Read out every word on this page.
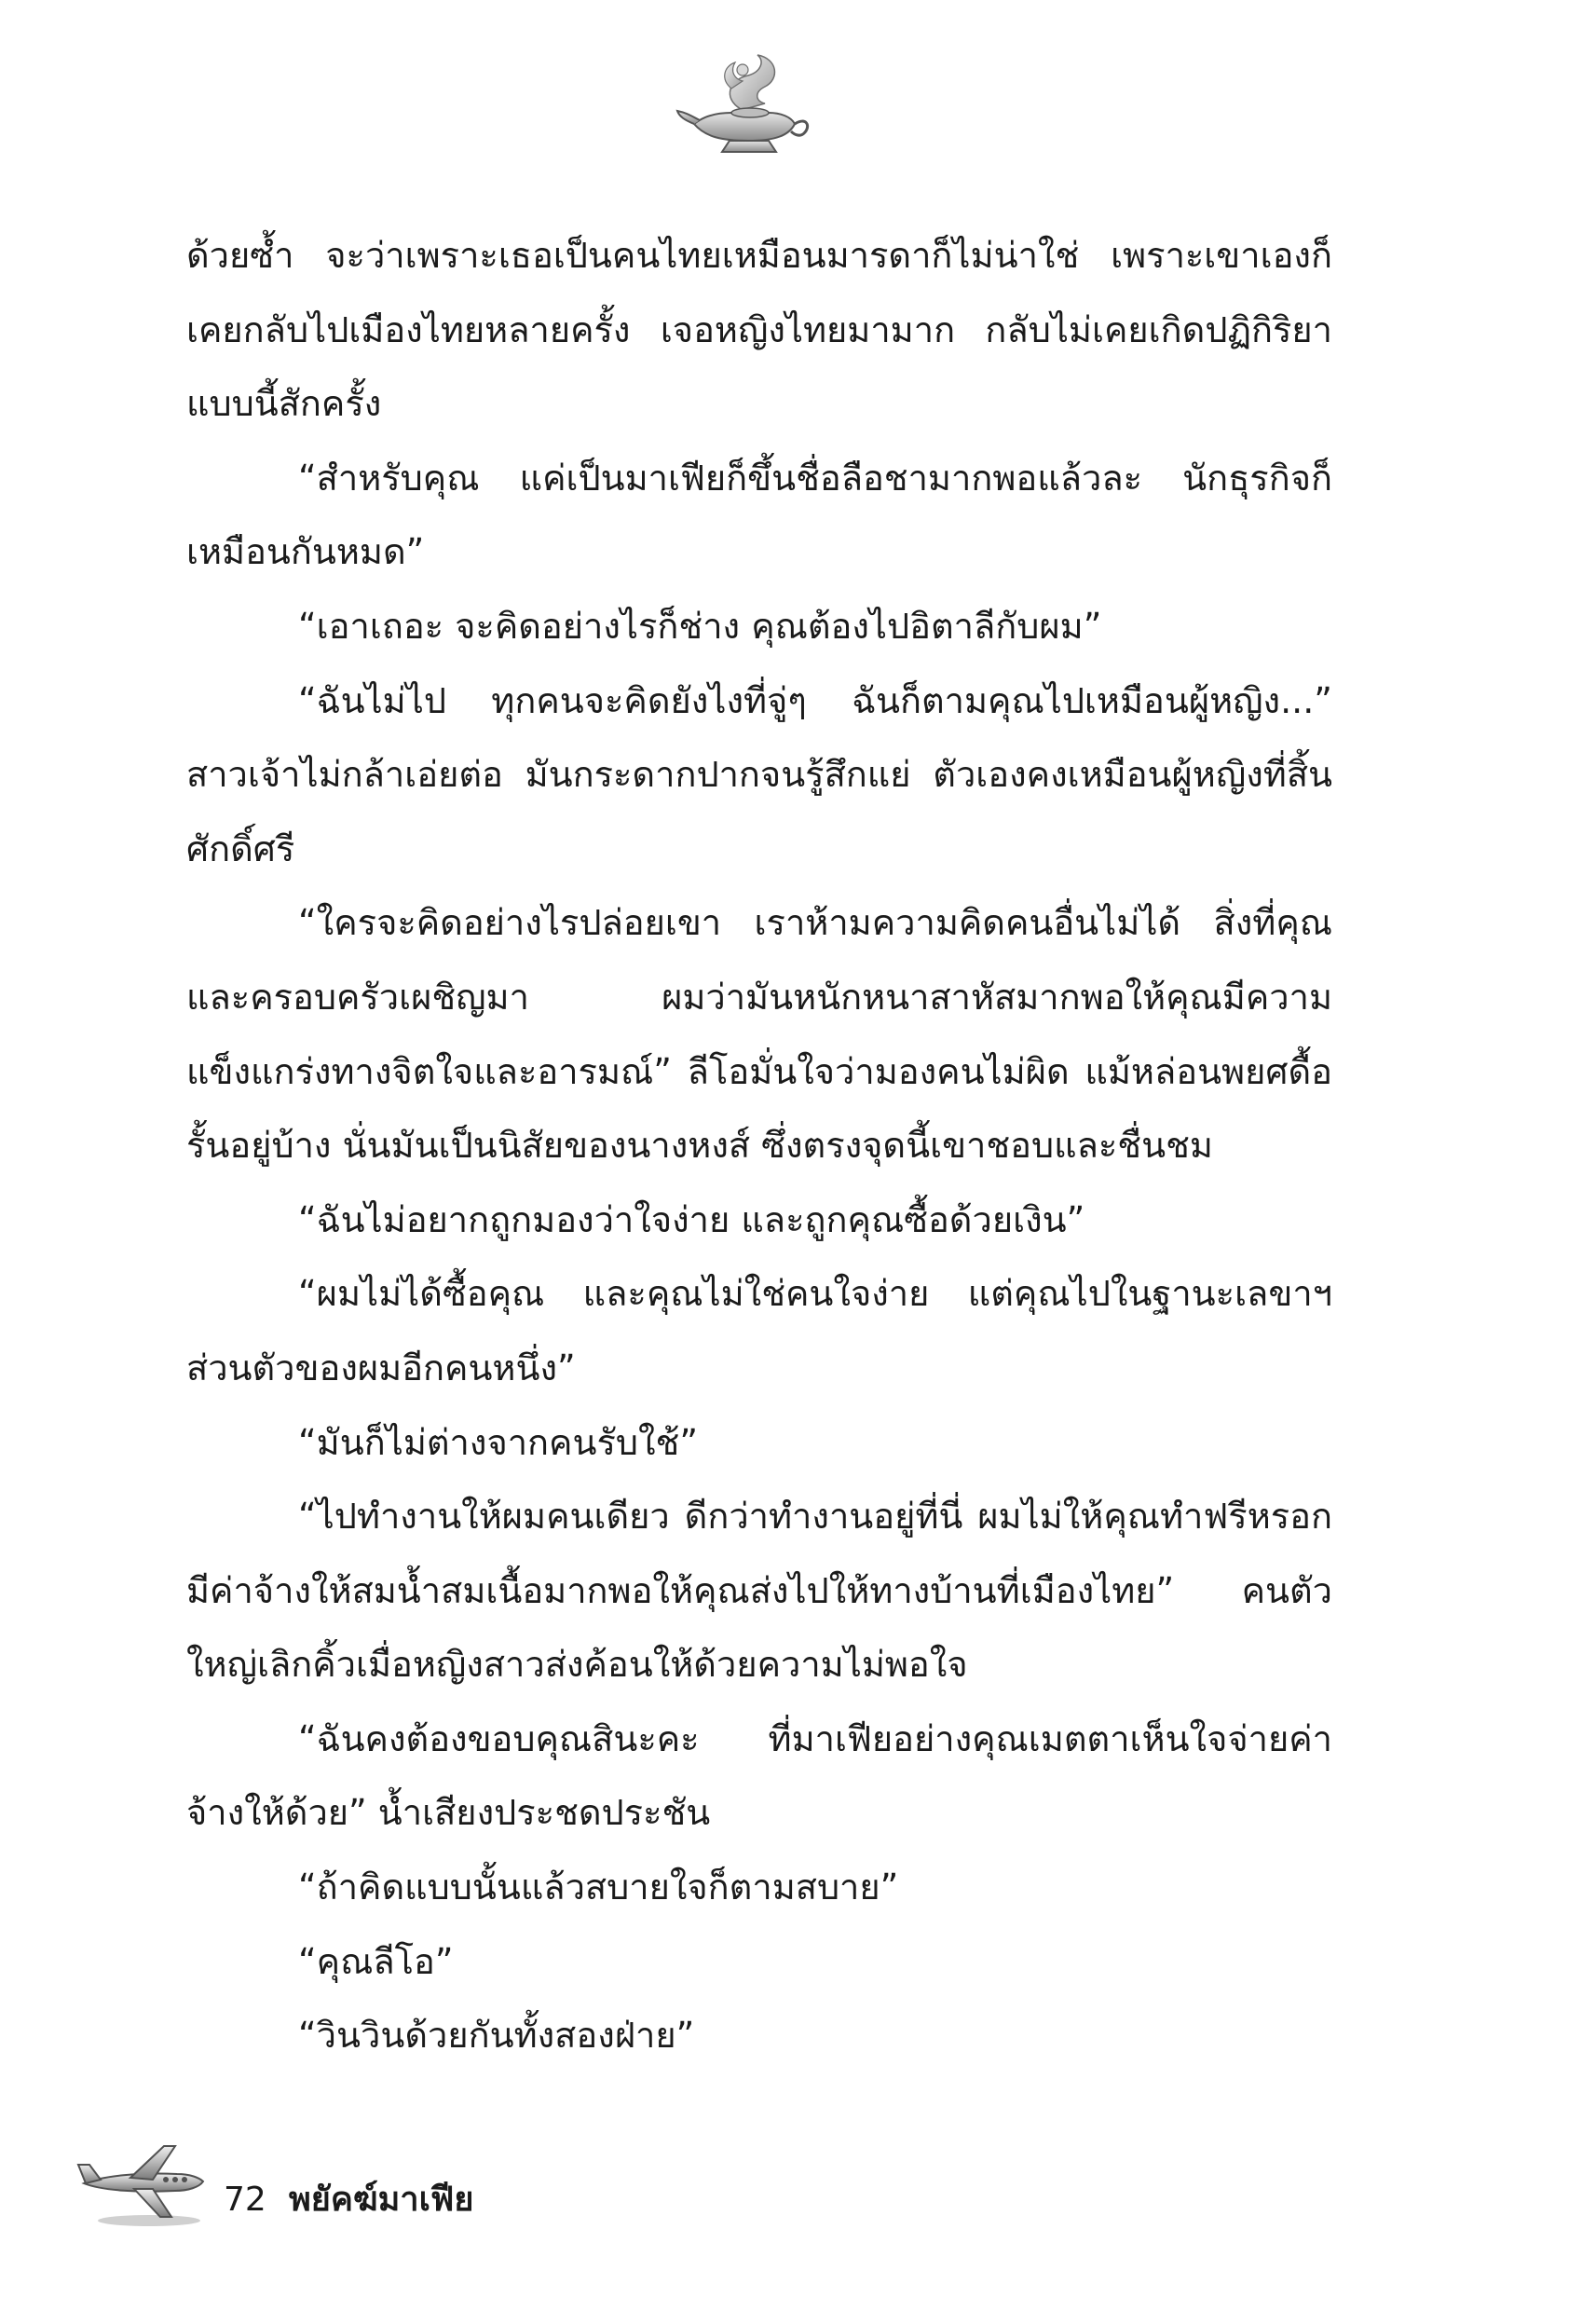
ด้วยซ้ำ จะว่าเพราะเธอเป็นคนไทยเหมือนมารดาก็ไม่น่าใช่ เพราะเขาเองก็เคยกลับไปเมืองไทยหลายครั้ง เจอหญิงไทยมามาก กลับไม่เคยเกิดปฏิกิริยาแบบนี้สักครั้ง

“สำหรับคุณ แค่เป็นมาเฟียก็ขึ้นชื่อลือชามากพอแล้วละ นักธุรกิจก็เหมือนกันหมด”

“เอาเถอะ จะคิดอย่างไรก็ช่าง คุณต้องไปอิตาลีกับผม”

“ฉันไม่ไป ทุกคนจะคิดยังไงที่จู่ๆ ฉันก็ตามคุณไปเหมือนผู้หญิง...” สาวเจ้าไม่กล้าเอ่ยต่อ มันกระดากปากจนรู้สึกแย่ ตัวเองคงเหมือนผู้หญิงที่สิ้นศักดิ์ศรี

“ใครจะคิดอย่างไรปล่อยเขา เราห้ามความคิดคนอื่นไม่ได้ สิ่งที่คุณและครอบครัวเผชิญมา ผมว่ามันหนักหนาสาหัสมากพอให้คุณมีความแข็งแกร่งทางจิตใจและอารมณ์” ลีโอมั่นใจว่ามองคนไม่ผิด แม้หล่อนพยศดื้อรั้นอยู่บ้าง นั่นมันเป็นนิสัยของนางหงส์ ซึ่งตรงจุดนี้เขาชอบและชื่นชม

“ฉันไม่อยากถูกมองว่าใจง่าย และถูกคุณซื้อด้วยเงิน”

“ผมไม่ได้ซื้อคุณ และคุณไม่ใช่คนใจง่าย แต่คุณไปในฐานะเลขาฯ ส่วนตัวของผมอีกคนหนึ่ง”

“มันก็ไม่ต่างจากคนรับใช้”

“ไปทำงานให้ผมคนเดียว ดีกว่าทำงานอยู่ที่นี่ ผมไม่ให้คุณทำฟรีหรอก มีค่าจ้างให้สมน้ำสมเนื้อมากพอให้คุณส่งไปให้ทางบ้านที่เมืองไทย” คนตัวใหญ่เลิกคิ้วเมื่อหญิงสาวส่งค้อนให้ด้วยความไม่พอใจ

“ฉันคงต้องขอบคุณสินะคะ ที่มาเฟียอย่างคุณเมตตาเห็นใจจ่ายค่าจ้างให้ด้วย” น้ำเสียงประชดประชัน

“ถ้าคิดแบบนั้นแล้วสบายใจก็ตามสบาย”

“คุณลีโอ”

“วินวินด้วยกันทั้งสองฝ่าย”

72 พยัคฆ์มาเฟีย
